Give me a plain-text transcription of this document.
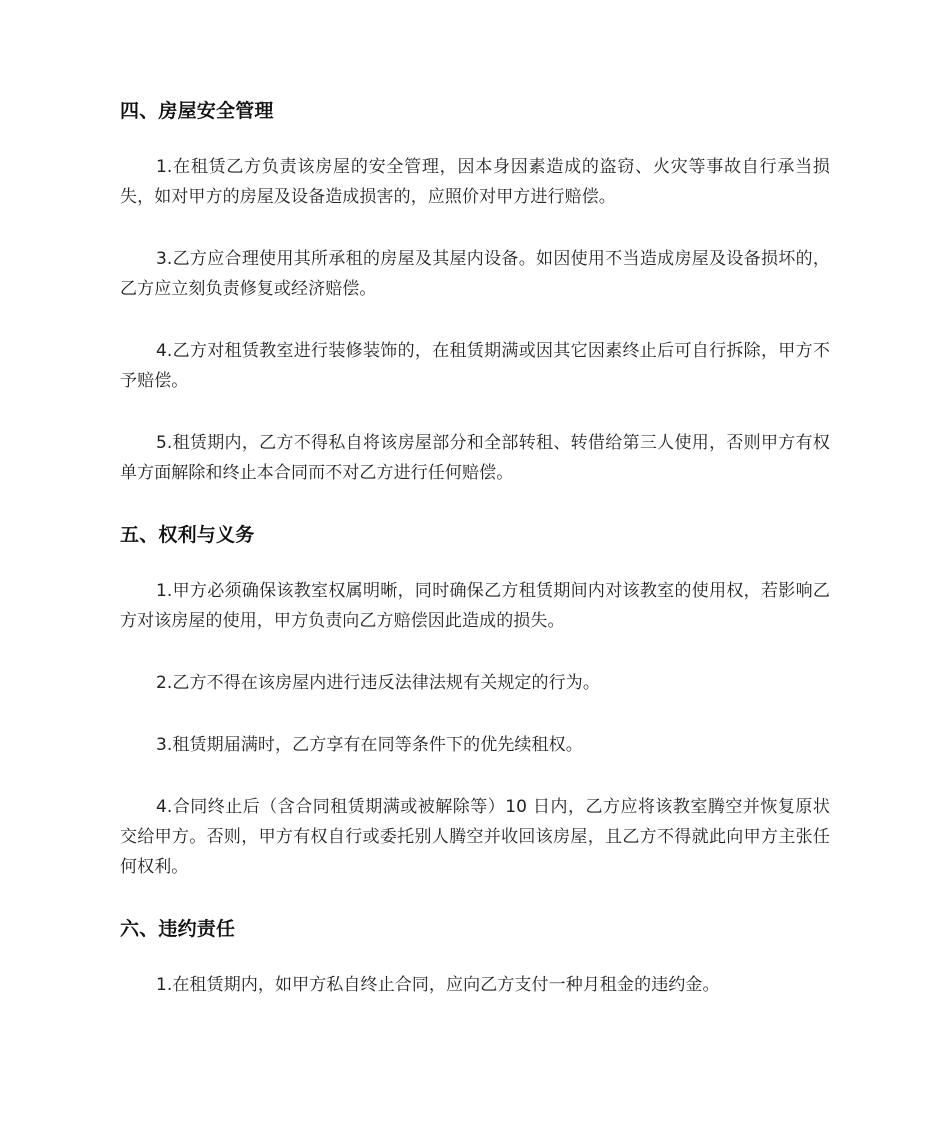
四、房屋安全管理

1.在租赁乙方负责该房屋的安全管理，因本身因素造成的盗窃、火灾等事故自行承当损失，如对甲方的房屋及设备造成损害的，应照价对甲方进行赔偿。

3.乙方应合理使用其所承租的房屋及其屋内设备。如因使用不当造成房屋及设备损坏的，乙方应立刻负责修复或经济赔偿。

4.乙方对租赁教室进行装修装饰的，在租赁期满或因其它因素终止后可自行拆除，甲方不予赔偿。

5.租赁期内，乙方不得私自将该房屋部分和全部转租、转借给第三人使用，否则甲方有权单方面解除和终止本合同而不对乙方进行任何赔偿。

五、权利与义务

1.甲方必须确保该教室权属明晰，同时确保乙方租赁期间内对该教室的使用权，若影响乙方对该房屋的使用，甲方负责向乙方赔偿因此造成的损失。

2.乙方不得在该房屋内进行违反法律法规有关规定的行为。

3.租赁期届满时，乙方享有在同等条件下的优先续租权。

4.合同终止后（含合同租赁期满或被解除等）10 日内，乙方应将该教室腾空并恢复原状交给甲方。否则，甲方有权自行或委托别人腾空并收回该房屋，且乙方不得就此向甲方主张任何权利。

六、违约责任

1.在租赁期内，如甲方私自终止合同，应向乙方支付一种月租金的违约金。
